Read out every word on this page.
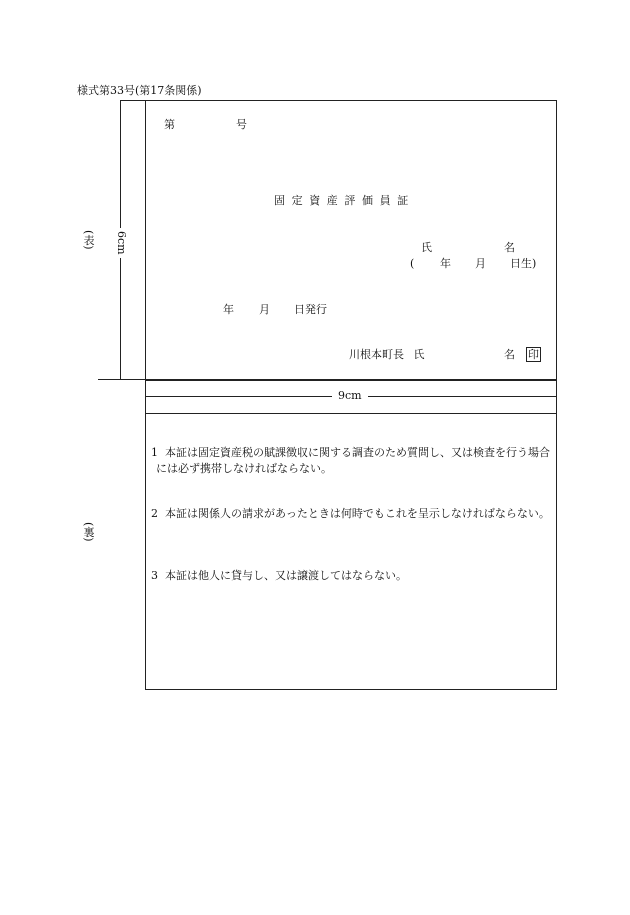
様式第33号(第17条関係)
6cm
(表)
第	号
固定資産評価員証
氏	名
( 年 月 日生)
年 月 日発行
川根本町長 氏	名 印
9cm
(裏)
1 本証は固定資産税の賦課徴収に関する調査のため質問し、又は検査を行う場合には必ず携帯しなければならない。
2 本証は関係人の請求があったときは何時でもこれを呈示しなければならない。
3 本証は他人に貸与し、又は譲渡してはならない。
